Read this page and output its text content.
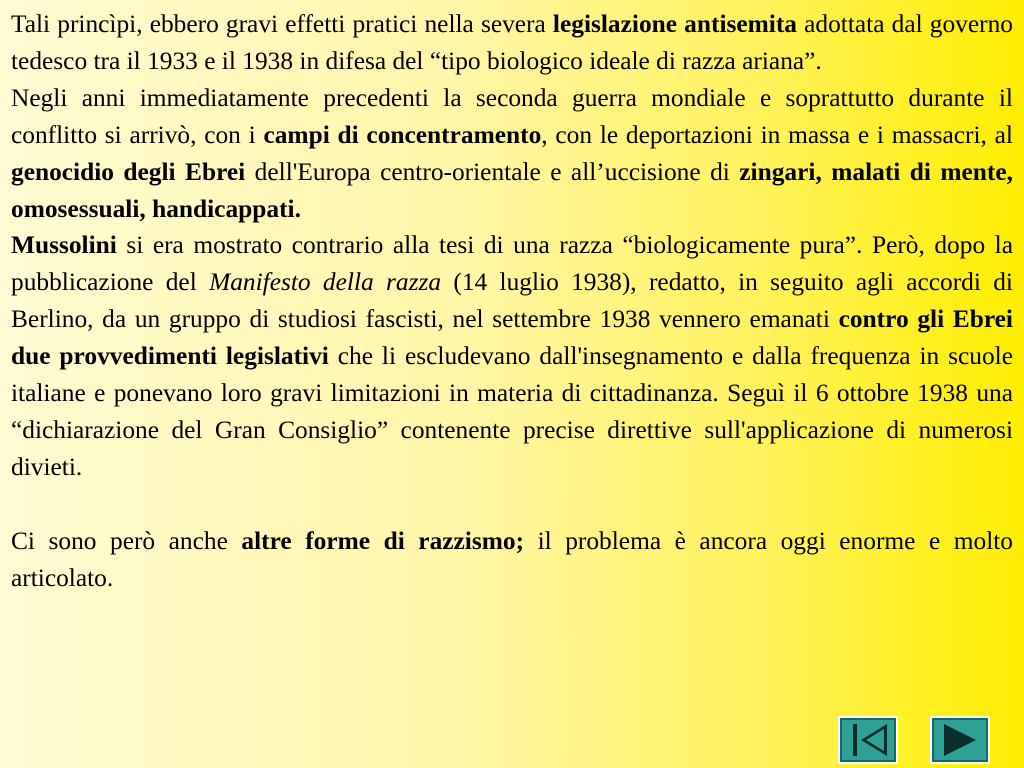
Tali princìpi, ebbero gravi effetti pratici nella severa legislazione antisemita adottata dal governo tedesco tra il 1933 e il 1938 in difesa del “tipo biologico ideale di razza ariana”.

Negli anni immediatamente precedenti la seconda guerra mondiale e soprattutto durante il conflitto si arrivò, con i campi di concentramento, con le deportazioni in massa e i massacri, al genocidio degli Ebrei dell'Europa centro-orientale e all’uccisione di zingari, malati di mente, omosessuali, handicappati.

Mussolini si era mostrato contrario alla tesi di una razza “biologicamente pura”. Però, dopo la pubblicazione del Manifesto della razza (14 luglio 1938), redatto, in seguito agli accordi di Berlino, da un gruppo di studiosi fascisti, nel settembre 1938 vennero emanati contro gli Ebrei due provvedimenti legislativi che li escludevano dall'insegnamento e dalla frequenza in scuole italiane e ponevano loro gravi limitazioni in materia di cittadinanza. Seguì il 6 ottobre 1938 una “dichiarazione del Gran Consiglio” contenente precise direttive sull'applicazione di numerosi divieti.

Ci sono però anche altre forme di razzismo; il problema è ancora oggi enorme e molto articolato.
